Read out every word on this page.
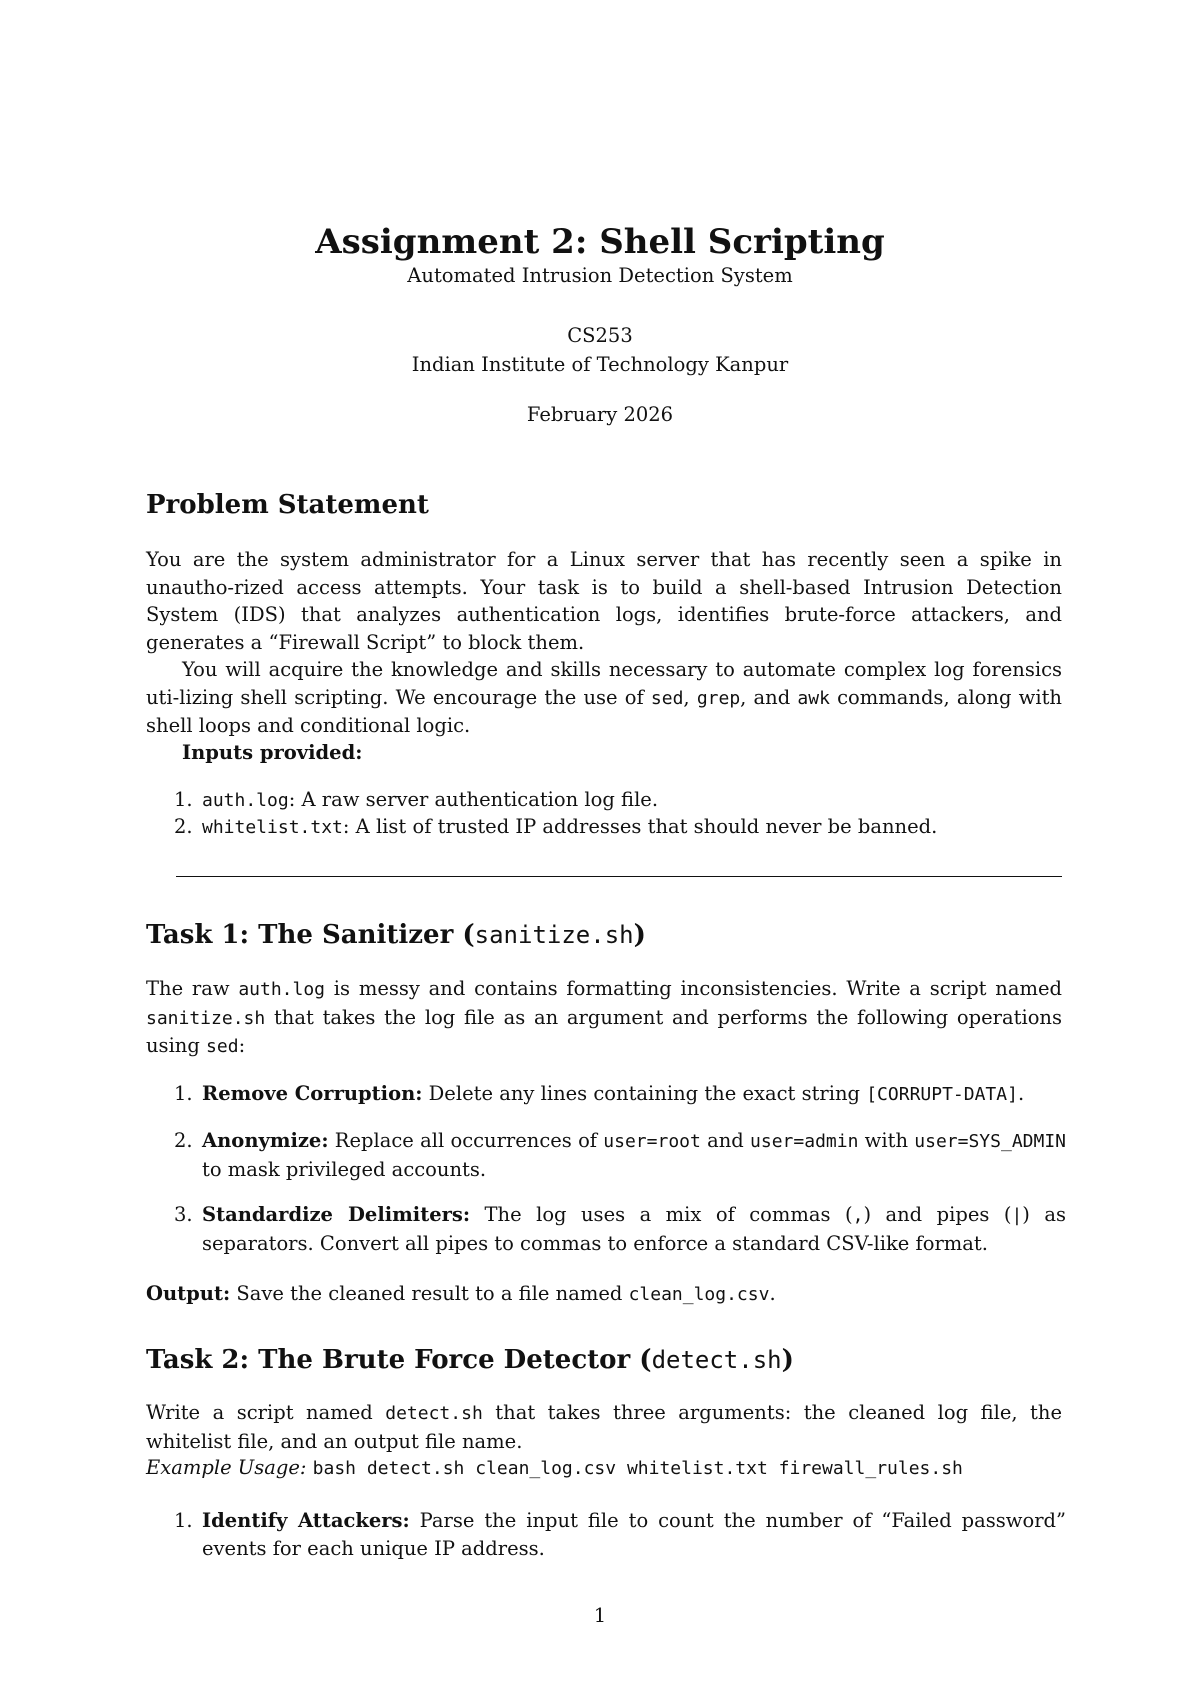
Assignment 2: Shell Scripting
Automated Intrusion Detection System
CS253
Indian Institute of Technology Kanpur
February 2026
Problem Statement
You are the system administrator for a Linux server that has recently seen a spike in unautho-rized access attempts. Your task is to build a shell-based Intrusion Detection System (IDS) that analyzes authentication logs, identifies brute-force attackers, and generates a “Firewall Script” to block them.
You will acquire the knowledge and skills necessary to automate complex log forensics uti-lizing shell scripting. We encourage the use of sed, grep, and awk commands, along with shell loops and conditional logic.
Inputs provided:
1. auth.log: A raw server authentication log file.
2. whitelist.txt: A list of trusted IP addresses that should never be banned.
Task 1: The Sanitizer (sanitize.sh)
The raw auth.log is messy and contains formatting inconsistencies. Write a script named sanitize.sh that takes the log file as an argument and performs the following operations using sed:
1. Remove Corruption: Delete any lines containing the exact string [CORRUPT-DATA].
2. Anonymize: Replace all occurrences of user=root and user=admin with user=SYS_ADMIN to mask privileged accounts.
3. Standardize Delimiters: The log uses a mix of commas (,) and pipes (|) as separators. Convert all pipes to commas to enforce a standard CSV-like format.
Output: Save the cleaned result to a file named clean_log.csv.
Task 2: The Brute Force Detector (detect.sh)
Write a script named detect.sh that takes three arguments: the cleaned log file, the whitelist file, and an output file name.
Example Usage: bash detect.sh clean_log.csv whitelist.txt firewall_rules.sh
1. Identify Attackers: Parse the input file to count the number of “Failed password” events for each unique IP address.
1
